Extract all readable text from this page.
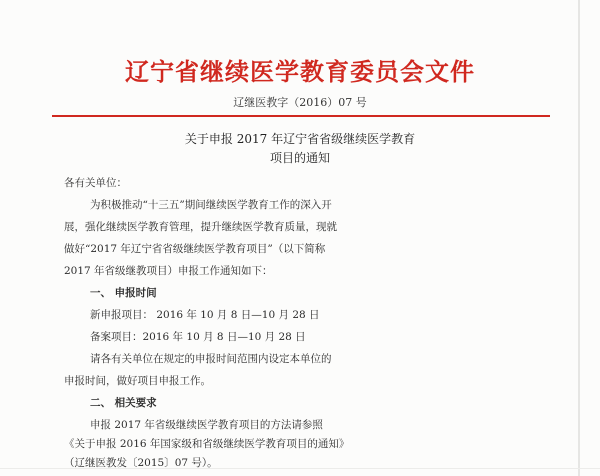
辽宁省继续医学教育委员会文件
辽继医教字（2016）07 号
关于申报 2017 年辽宁省省级继续医学教育
项目的通知
各有关单位：
为积极推动“十三五”期间继续医学教育工作的深入开
展，强化继续医学教育管理，提升继续医学教育质量，现就
做好“2017 年辽宁省省级继续医学教育项目”（以下简称
2017 年省级继教项目）申报工作通知如下：
一、 申报时间
新申报项目： 2016 年 10 月 8 日—10 月 28 日
备案项目：2016 年 10 月 8 日—10 月 28 日
请各有关单位在规定的申报时间范围内设定本单位的
申报时间，做好项目申报工作。
二、 相关要求
申报 2017 年省级继续医学教育项目的方法请参照
《关于申报 2016 年国家级和省级继续医学教育项目的通知》
（辽继医教发〔2015〕07 号）。
